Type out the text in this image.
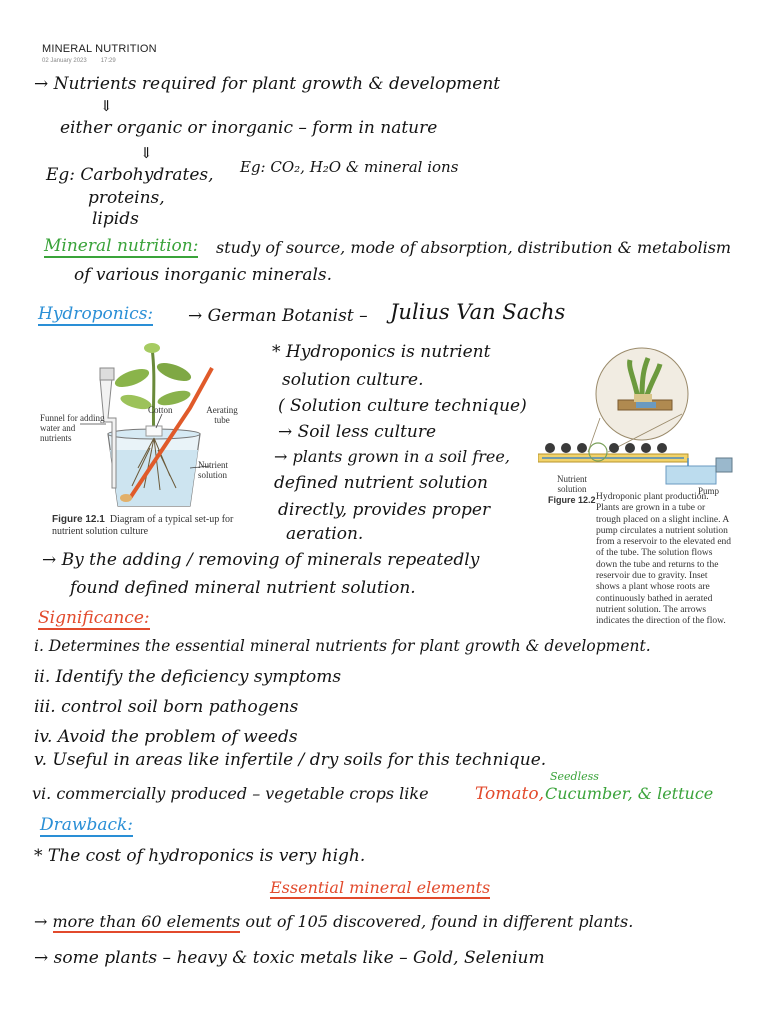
MINERAL NUTRITION
02 January 2023 17:29
→ Nutrients required for plant growth & development
⇓
either organic or inorganic – form in nature
⇓
Eg: Carbohydrates,
proteins,
lipids
Eg: CO₂, H₂O & mineral ions
Mineral nutrition: study of source, mode of absorption, distribution & metabolism
of various inorganic minerals.
Hydroponics: → German Botanist – Julius Van Sachs
Funnel for adding water and nutrients
Cotton	Aerating tube
Nutrient solution
Figure 12.1 Diagram of a typical set-up for nutrient solution culture
* Hydroponics is nutrient
solution culture.
( Solution culture technique)
→ Soil less culture
→ plants grown in a soil free,
defined nutrient solution
directly, provides proper
aeration.
Nutrient solution	Pump
Figure 12.2 Hydroponic plant production. Plants are grown in a tube or trough placed on a slight incline. A pump circulates a nutrient solution from a reservoir to the elevated end of the tube. The solution flows down the tube and returns to the reservoir due to gravity. Inset shows a plant whose roots are continuously bathed in aerated nutrient solution. The arrows indicates the direction of the flow.
→ By the adding / removing of minerals repeatedly
found defined mineral nutrient solution.
Significance:
i. Determines the essential mineral nutrients for plant growth & development.
ii. Identify the deficiency symptoms
iii. control soil born pathogens
iv. Avoid the problem of weeds
v. Useful in areas like infertile / dry soils for this technique.
vi. commercially produced – vegetable crops like	Tomato,
Seedless
Cucumber, & lettuce
Drawback:
* The cost of hydroponics is very high.
Essential mineral elements
→ more than 60 elements out of 105 discovered, found in different plants.
→ some plants – heavy & toxic metals like – Gold, Selenium
